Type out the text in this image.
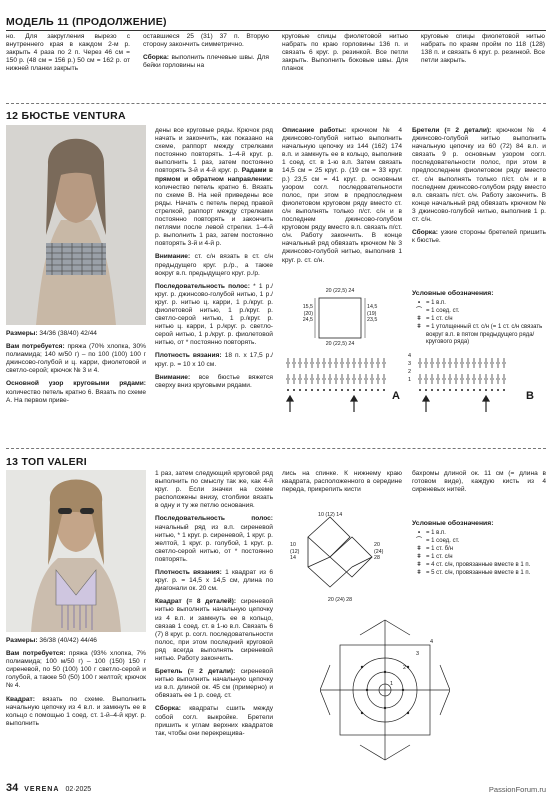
МОДЕЛЬ 11 (ПРОДОЛЖЕНИЕ)
но. Для закругления вырезо с внутреннего края в каждом 2-м р. закрыть 4 раза по 2 п. Через 46 см = 150 р. (48 см = 156 р.) 50 см = 162 р. от нижней планки закрыть
оставшиеся 25 (31) 37 п. Вторую сторону закончить симметрично.
Сборка: выполнить плечевые швы. Для бейки горловины на
круговые спицы фиолетовой нитью набрать по краю горловины 136 п. и связать 6 круг. р. резинкой. Все петли закрыть. Выполнить боковые швы. Для планок
круговые спицы фиолетовой нитью набрать по краям пройм по 118 (128) 138 п. и связать 6 круг. р. резинкой. Все петли закрыть.
12 БЮСТЬЕ VENTURA
Размеры: 34/36 (38/40) 42/44
Вам потребуется: пряжа (70% хлопка, 30% полиамида; 140 м/50 г) – по 100 (100) 100 г джинсово-голубой и ц. карри, фиолетовой и светло-серой; крючок № 3 и 4.
Основной узор круговыми рядами: количество петель кратно 6. Вязать по схеме А. На первом приве-
дены все круговые ряды. Крючок ряд начать и закончить, как показано на схеме, раппорт между стрелками постоянно повторять. 1–4-й круг. р. выполнить 1 раз, затем постоянно повторять 3-й и 4-й круг. р. Радами в прямом и обратном направлении: количество петель кратно 6. Вязать по схеме В. На ней приведены все ряды. Начать с петель перед правой стрелкой, раппорт между стрелками постоянно повторять и закончить петлями после левой стрелки. 1–4-й р. выполнить 1 раз, затем постоянно повторять 3-й и 4-й р.
Внимание: ст. с/н вязать в ст. с/н предыдущего круг. р./р., а также вокруг в.п. предыдущего круг. р./р.
Последовательность полос: * 1 р./круг. р. джинсово-голубой нитью, 1 р./круг. р. нитью ц. карри, 1 р./круг. р. фиолетовой нитью, 1 р./круг. р. светло-серой нитью, 1 р./круг. р. нитью ц. карри, 1 р./круг. р. светло-серой нитью, 1 р./круг. р. фиолетовой нитью, от * постоянно повторять.
Плотность вязания: 18 п. х 17,5 р./круг. р. = 10 х 10 см.
Внимание: все бюстье вяжется сверху вниз круговыми рядами.
Описание работы: крючком № 4 джинсово-голубой нитью выполнить начальную цепочку из 144 (162) 174 в.п. и замкнуть ее в кольцо, выполнив 1 соед. ст. в 1-ю в.п. Затем связать 14,5 см = 25 круг. р. (19 см = 33 круг. р.) 23,5 см = 41 круг. р. основным узором согл. последовательности полос, при этом в предпоследнем фиолетовом круговом ряду вместо ст. с/н выполнять только п/ст. с/н и в последнем джинсово-голубом круговом ряду вместо в.п. связать п/ст. с/н. Работу закончить. В конце начальный ряд обвязать крючком № 3 джинсово-голубой нитью, выполнив 1 круг. р. ст. с/н.
Бретели (= 2 детали): крючком № 4 джинсово-голубой нитью выполнить начальную цепочку из 60 (72) 84 в.п. и связать 9 р. основным узором согл. последовательности полос, при этом в предпоследнем фиолетовом ряду вместо ст. с/н выполнять только п/ст. с/н и в последнем джинсово-голубом ряду вместо в.п. связать п/ст. с/н. Работу закончить. В конце начальный ряд обвязать крючком № 3 джинсово-голубой нитью, выполнив 1 р. ст. с/н.
Сборка: узкие стороны бретелей пришить к бюстье.
20 (22,5) 24
15,5
(20)
24,5
14,5
(19)
23,5
20 (22,5) 24
A
4
3
2
1
B
Условные обозначения:
• = 1 в.п.
⌒ = 1 соед. ст.
ǂ = 1 ст. с/н
ǂ = 1 утолщенный ст. с/н (= 1 ст. с/н связать вокруг в.п. в пятом предыдущего ряда/кругового ряда)
13 ТОП VALERI
Размеры: 36/38 (40/42) 44/46
Вам потребуется: пряжа (93% хлопка, 7% полиамида; 100 м/50 г) – 100 (150) 150 г сиреневой, по 50 (100) 100 г светло-серой и голубой, а также 50 (50) 100 г желтой; крючок № 4.
Квадрат: вязать по схеме. Выполнить начальную цепочку из 4 в.п. и замкнуть ее в кольцо с помощью 1 соед. ст. 1-й–4-й круг. р. выполнить
1 раз, затем следующий круговой ряд выполнить по смыслу так же, как 4-й круг. р. Если значки на схеме расположены внизу, столбики вязать в одну и ту же петлю основания.
Последовательность полос: начальный ряд из в.п. сиреневой нитью, * 1 круг. р. сиреневой, 1 круг. р. желтой, 1 круг. р. голубой, 1 круг. р. светло-серой нитью, от * постоянно повторять.
Плотность вязания: 1 квадрат из 6 круг. р. = 14,5 х 14,5 см, длина по диагонали ок. 20 см.
Квадрат (= 8 деталей): сиреневой нитью выполнить начальную цепочку из 4 в.п. и замкнуть ее в кольцо, связав 1 соед. ст. в 1-ю в.п. Связать 6 (7) 8 круг. р. согл. последовательности полос, при этом последний круговой ряд всегда выполнять сиреневой нитью. Работу закончить.
Бретель (= 2 детали): сиреневой нитью выполнить начальную цепочку из в.п. длиной ок. 45 см (примерно) и обвязать ее 1 р. соед. ст.
Сборка: квадраты сшить между собой согл. выкройке. Бретели пришить к углам верхних квадратов так, чтобы они перекрещива-
лись на спинке. К нижнему краю квадрата, расположенного в середине переда, прикрепить кисти
бахромы длиной ок. 11 см (= длина в готовом виде), каждую кисть из 4 сиреневых нитей.
10 (12) 14
10
(12)
14
20
(24)
28
20 (24) 28
Условные обозначения:
• = 1 в.п.
⌒ = 1 соед. ст.
ǂ = 1 ст. б/н
ǂ = 1 ст. с/н
ǂ = 4 ст. с/н, провязанные вместе в 1 п.
ǂ = 5 ст. с/н, провязанные вместе в 1 п.
1
2
3
4
34 VERENA 02·2025	PassionForum.ru
